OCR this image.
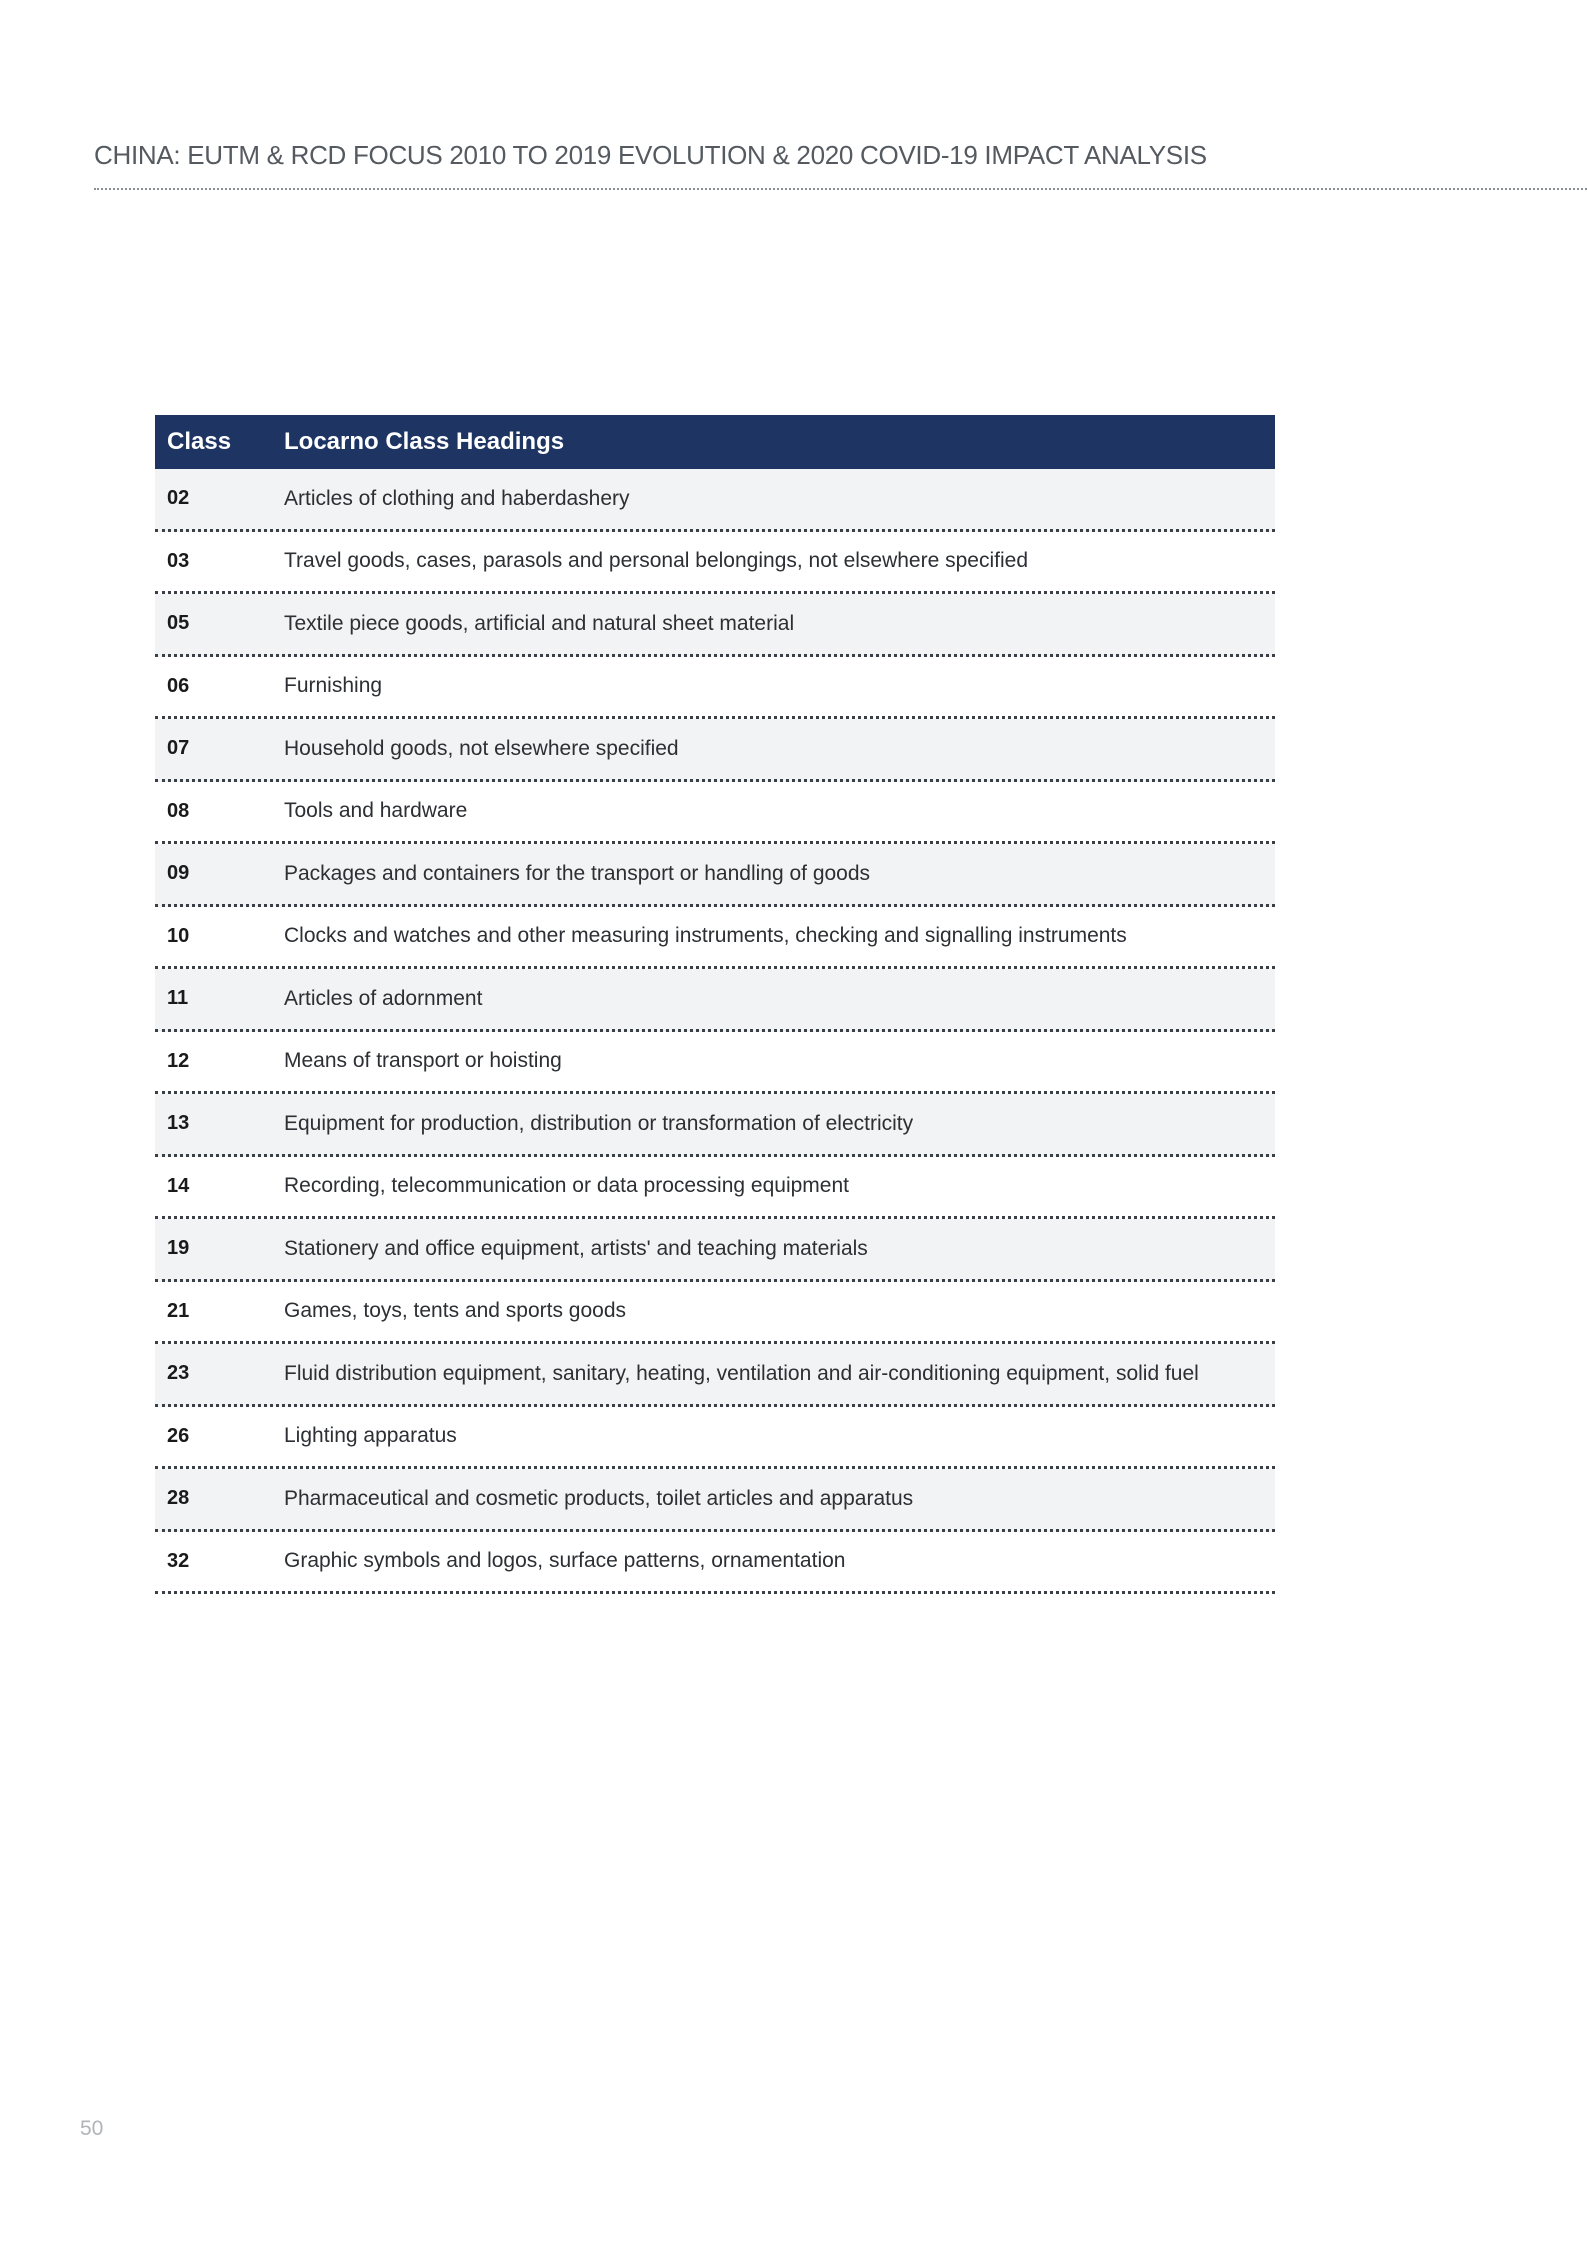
CHINA: EUTM & RCD FOCUS 2010 TO 2019 EVOLUTION & 2020 COVID-19 IMPACT ANALYSIS
Class	Locarno Class Headings
02	Articles of clothing and haberdashery
03	Travel goods, cases, parasols and personal belongings, not elsewhere specified
05	Textile piece goods, artificial and natural sheet material
06	Furnishing
07	Household goods, not elsewhere specified
08	Tools and hardware
09	Packages and containers for the transport or handling of goods
10	Clocks and watches and other measuring instruments, checking and signalling instruments
11	Articles of adornment
12	Means of transport or hoisting
13	Equipment for production, distribution or transformation of electricity
14	Recording, telecommunication or data processing equipment
19	Stationery and office equipment, artists' and teaching materials
21	Games, toys, tents and sports goods
23	Fluid distribution equipment, sanitary, heating, ventilation and air-conditioning equipment, solid fuel
26	Lighting apparatus
28	Pharmaceutical and cosmetic products, toilet articles and apparatus
32	Graphic symbols and logos, surface patterns, ornamentation
50
